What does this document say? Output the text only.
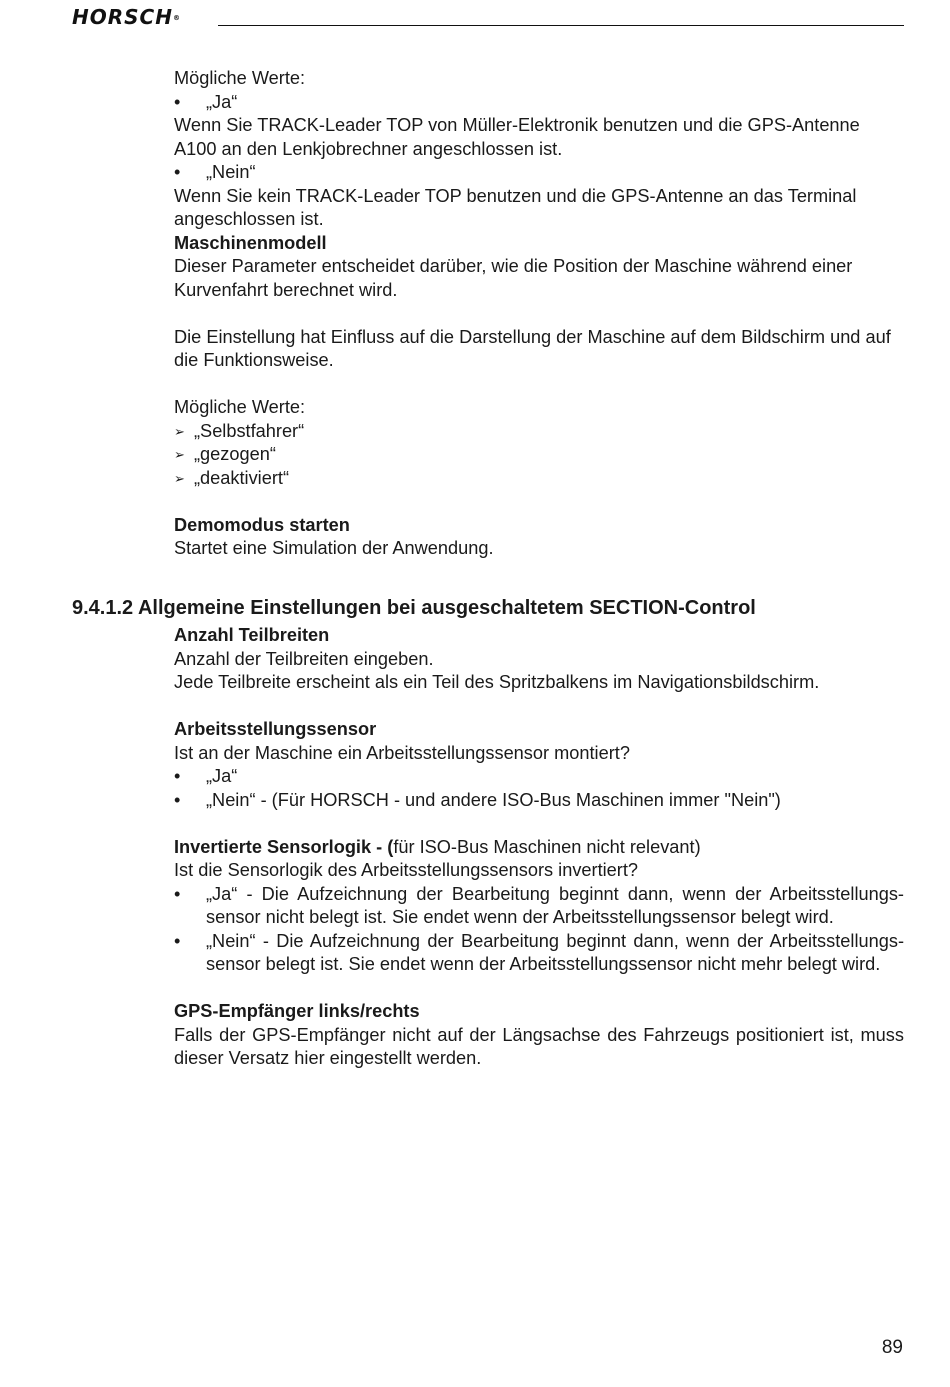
HORSCH®

Mögliche Werte:

•	„Ja“

Wenn Sie TRACK-Leader TOP von Müller-Elektronik benutzen und die GPS-Antenne A100 an den Lenkjobrechner angeschlossen ist.

•	„Nein“

Wenn Sie kein TRACK-Leader TOP benutzen und die GPS-Antenne an das Terminal angeschlossen ist.

Maschinenmodell

Dieser Parameter entscheidet darüber, wie die Position der Maschine während einer Kurvenfahrt berechnet wird.

Die Einstellung hat Einfluss auf die Darstellung der Maschine auf dem Bildschirm und auf die Funktionsweise.

Mögliche Werte:

➢ „Selbstfahrer“
➢ „gezogen“
➢ „deaktiviert“

Demomodus starten

Startet eine Simulation der Anwendung.

9.4.1.2 Allgemeine Einstellungen bei ausgeschaltetem SECTION-Control

Anzahl Teilbreiten

Anzahl der Teilbreiten eingeben.

Jede Teilbreite erscheint als ein Teil des Spritzbalkens im Navigationsbildschirm.

Arbeitsstellungssensor

Ist an der Maschine ein Arbeitsstellungssensor montiert?

•	„Ja“
•	„Nein“ - (Für HORSCH - und andere ISO-Bus Maschinen immer "Nein")

Invertierte Sensorlogik - (für ISO-Bus Maschinen nicht relevant)

Ist die Sensorlogik des Arbeitsstellungssensors invertiert?

•	„Ja“ - Die Aufzeichnung der Bearbeitung beginnt dann, wenn der Arbeitsstellungs-sensor nicht belegt ist. Sie endet wenn der Arbeitsstellungssensor belegt wird.
•	„Nein“ - Die Aufzeichnung der Bearbeitung beginnt dann, wenn der Arbeitsstellungs-sensor belegt ist. Sie endet wenn der Arbeitsstellungssensor nicht mehr belegt wird.

GPS-Empfänger links/rechts

Falls der GPS-Empfänger nicht auf der Längsachse des Fahrzeugs positioniert ist, muss dieser Versatz hier eingestellt werden.

89
